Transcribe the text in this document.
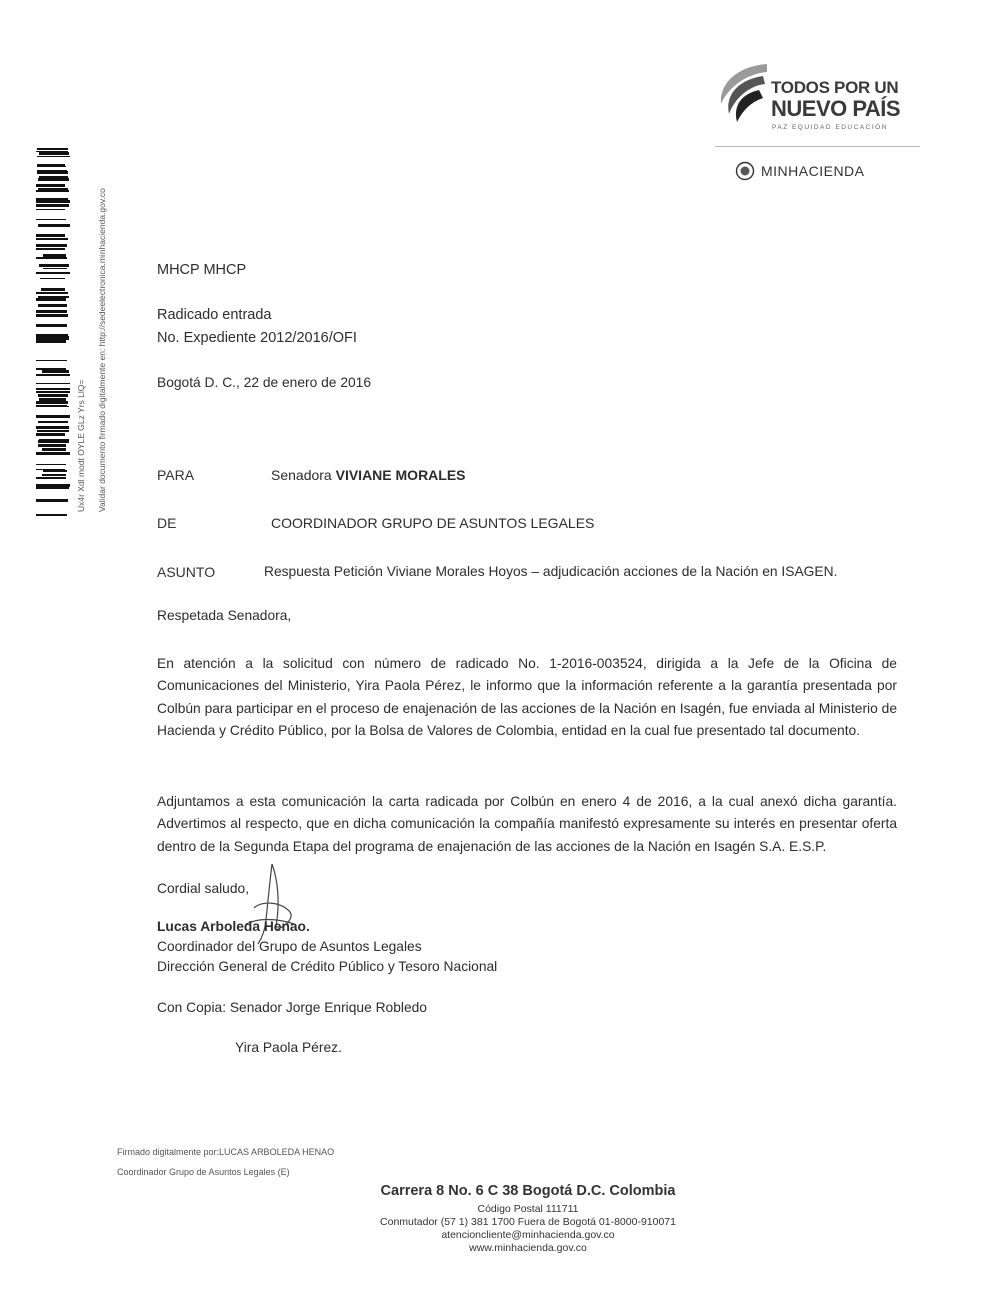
Ux4r Xdl modt OYLE GLz Yrs LlQ= Validar documento firmado digitalmente en: http://sedeelectronica.minhacienda.gov.co
TODOS POR UN
NUEVO PAÍS
PAZ EQUIDAD EDUCACIÓN
MINHACIENDA
MHCP MHCP
Radicado entrada
No. Expediente 2012/2016/OFI
Bogotá D. C., 22 de enero de 2016
PARA	Senadora VIVIANE MORALES
DE	COORDINADOR GRUPO DE ASUNTOS LEGALES
ASUNTO	Respuesta Petición Viviane Morales Hoyos – adjudicación acciones de la Nación en ISAGEN.
Respetada Senadora,
En atención a la solicitud con número de radicado No. 1-2016-003524, dirigida a la Jefe de la Oficina de Comunicaciones del Ministerio, Yira Paola Pérez, le informo que la información referente a la garantía presentada por Colbún para participar en el proceso de enajenación de las acciones de la Nación en Isagén, fue enviada al Ministerio de Hacienda y Crédito Público, por la Bolsa de Valores de Colombia, entidad en la cual fue presentado tal documento.
Adjuntamos a esta comunicación la carta radicada por Colbún en enero 4 de 2016, a la cual anexó dicha garantía. Advertimos al respecto, que en dicha comunicación la compañía manifestó expresamente su interés en presentar oferta dentro de la Segunda Etapa del programa de enajenación de las acciones de la Nación en Isagén S.A. E.S.P.
Cordial saludo,
Lucas Arboleda Henao.
Coordinador del Grupo de Asuntos Legales
Dirección General de Crédito Público y Tesoro Nacional
Con Copia: Senador Jorge Enrique Robledo
Yira Paola Pérez.
Firmado digitalmente por:LUCAS ARBOLEDA HENAO
Coordinador Grupo de Asuntos Legales (E)
Carrera 8 No. 6 C 38 Bogotá D.C. Colombia
Código Postal 111711
Conmutador (57 1) 381 1700 Fuera de Bogotá 01-8000-910071
atencioncliente@minhacienda.gov.co
www.minhacienda.gov.co
